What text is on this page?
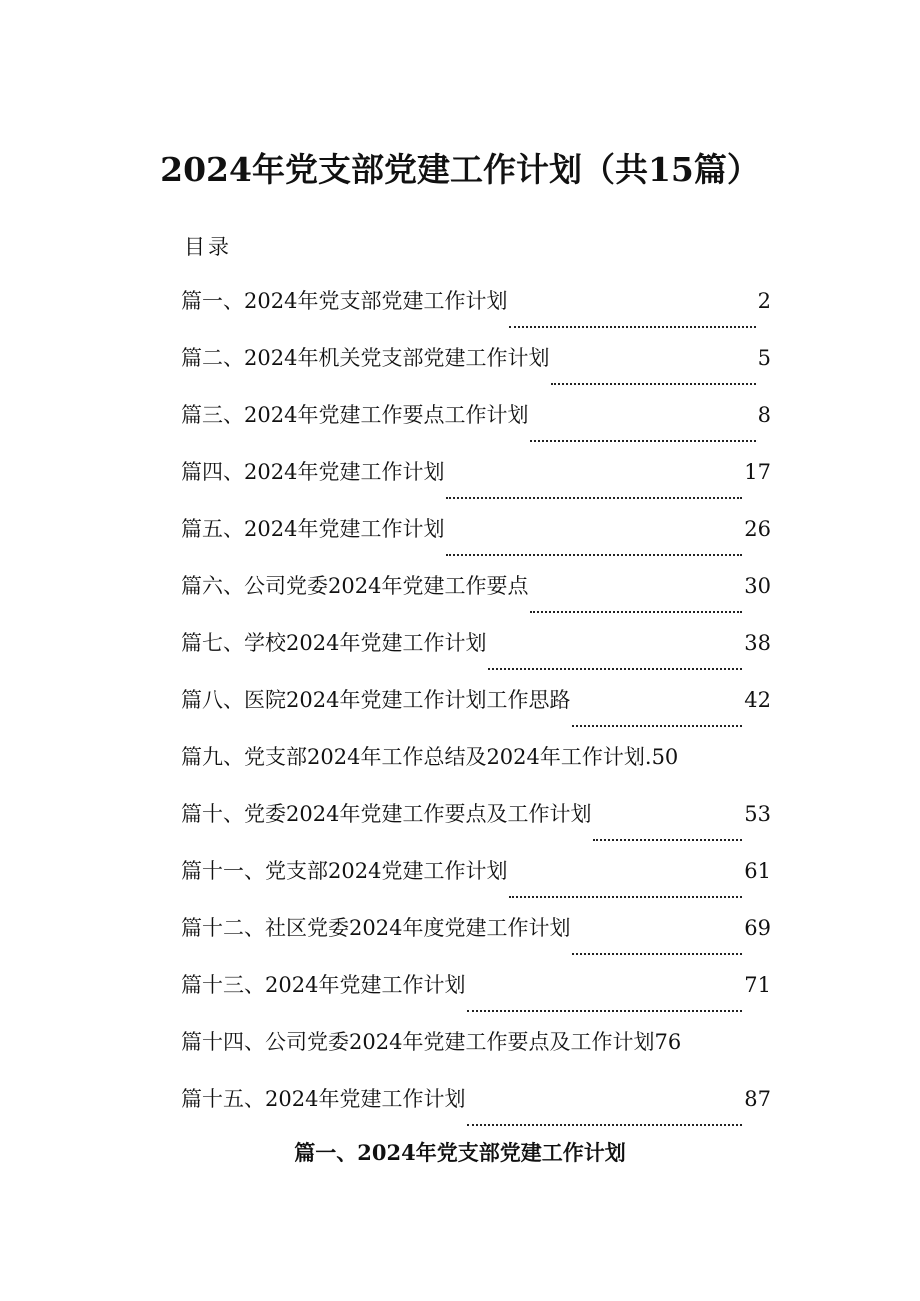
2024年党支部党建工作计划（共15篇）
目录
篇一、2024年党支部党建工作计划	2
篇二、2024年机关党支部党建工作计划	5
篇三、2024年党建工作要点工作计划	8
篇四、2024年党建工作计划	17
篇五、2024年党建工作计划	26
篇六、公司党委2024年党建工作要点	30
篇七、学校2024年党建工作计划	38
篇八、医院2024年党建工作计划工作思路	42
篇九、党支部2024年工作总结及2024年工作计划. 50
篇十、党委2024年党建工作要点及工作计划	53
篇十一、党支部2024党建工作计划	61
篇十二、社区党委2024年度党建工作计划	69
篇十三、2024年党建工作计划	71
篇十四、公司党委2024年党建工作要点及工作计划 76
篇十五、2024年党建工作计划	87
篇一、2024年党支部党建工作计划
